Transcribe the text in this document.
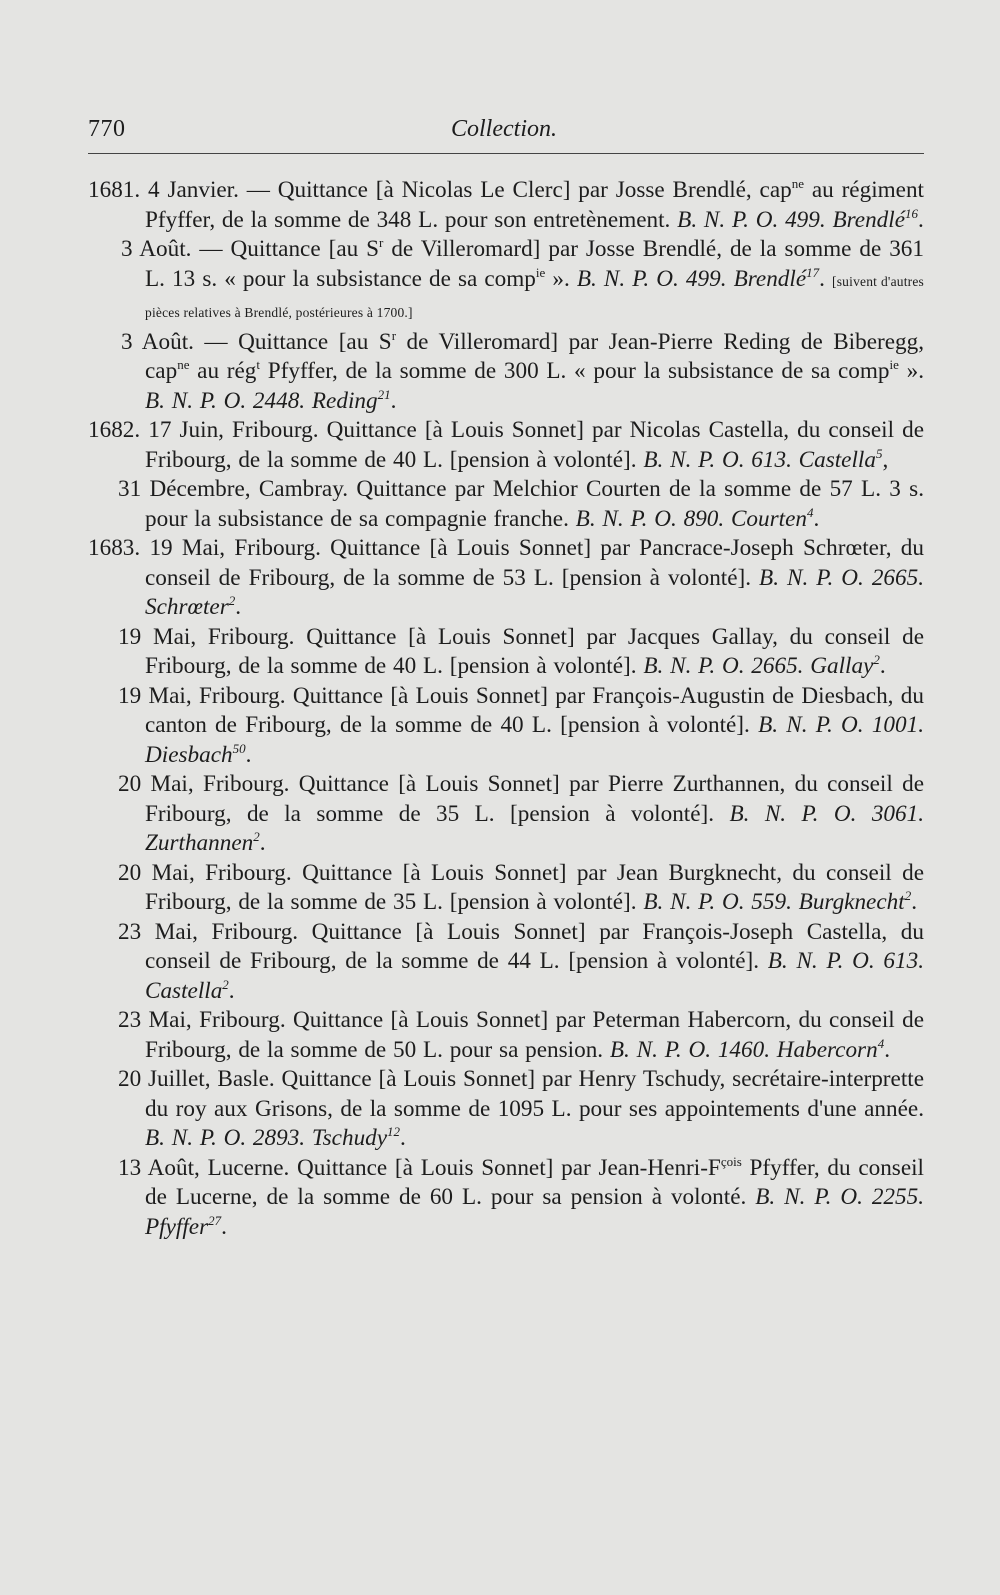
770	Collection.

1681. 4 Janvier. — Quittance [à Nicolas Le Clerc] par Josse Brendlé, cap$^{ne}$ au régiment Pfyffer, de la somme de 348 L. pour son entretènement. B. N. P. O. 499. Brendlé$^{16}$.

3 Août. — Quittance [au $S^r$ de Villeromard] par Josse Brendlé, de la somme de 361 L. 13 s. « pour la subsistance de sa comp$^{ie}$ ». B. N. P. O. 499. Brendlé$^{17}$. [suivent d'autres pièces relatives à Brendlé, postérieures à 1700.]

3 Août. — Quittance [au $S^r$ de Villeromard] par Jean-Pierre Reding de Biberegg, cap$^{ne}$ au rég$^t$ Pfyffer, de la somme de 300 L. « pour la subsistance de sa comp$^{ie}$ ». B. N. P. O. 2448. Reding$^{21}$.

1682. 17 Juin, Fribourg. Quittance [à Louis Sonnet] par Nicolas Castella, du conseil de Fribourg, de la somme de 40 L. [pension à volonté]. B. N. P. O. 613. Castella$^5$,

31 Décembre, Cambray. Quittance par Melchior Courten de la somme de 57 L. 3 s. pour la subsistance de sa compagnie franche. B. N. P. O. 890. Courten$^4$.

1683. 19 Mai, Fribourg. Quittance [à Louis Sonnet] par Pancrace-Joseph Schrœter, du conseil de Fribourg, de la somme de 53 L. [pension à volonté]. B. N. P. O. 2665. Schrœter$^2$.

19 Mai, Fribourg. Quittance [à Louis Sonnet] par Jacques Gallay, du conseil de Fribourg, de la somme de 40 L. [pension à volonté]. B. N. P. O. 2665. Gallay$^2$.

19 Mai, Fribourg. Quittance [à Louis Sonnet] par François-Augustin de Diesbach, du canton de Fribourg, de la somme de 40 L. [pension à volonté]. B. N. P. O. 1001. Diesbach$^{50}$.

20 Mai, Fribourg. Quittance [à Louis Sonnet] par Pierre Zurthannen, du conseil de Fribourg, de la somme de 35 L. [pension à volonté]. B. N. P. O. 3061. Zurthannen$^2$.

20 Mai, Fribourg. Quittance [à Louis Sonnet] par Jean Burgknecht, du conseil de Fribourg, de la somme de 35 L. [pension à volonté]. B. N. P. O. 559. Burgknecht$^2$.

23 Mai, Fribourg. Quittance [à Louis Sonnet] par François-Joseph Castella, du conseil de Fribourg, de la somme de 44 L. [pension à volonté]. B. N. P. O. 613. Castella$^2$.

23 Mai, Fribourg. Quittance [à Louis Sonnet] par Peterman Habercorn, du conseil de Fribourg, de la somme de 50 L. pour sa pension. B. N. P. O. 1460. Habercorn$^4$.

20 Juillet, Basle. Quittance [à Louis Sonnet] par Henry Tschudy, secrétaire-interprette du roy aux Grisons, de la somme de 1095 L. pour ses appointements d'une année. B. N. P. O. 2893. Tschudy$^{12}$.

13 Août, Lucerne. Quittance [à Louis Sonnet] par Jean-$Henri-F^{çois}$ Pfyffer, du conseil de Lucerne, de la somme de 60 L. pour sa pension à volonté. B. N. P. O. 2255. Pfyffer$^{27}$.
